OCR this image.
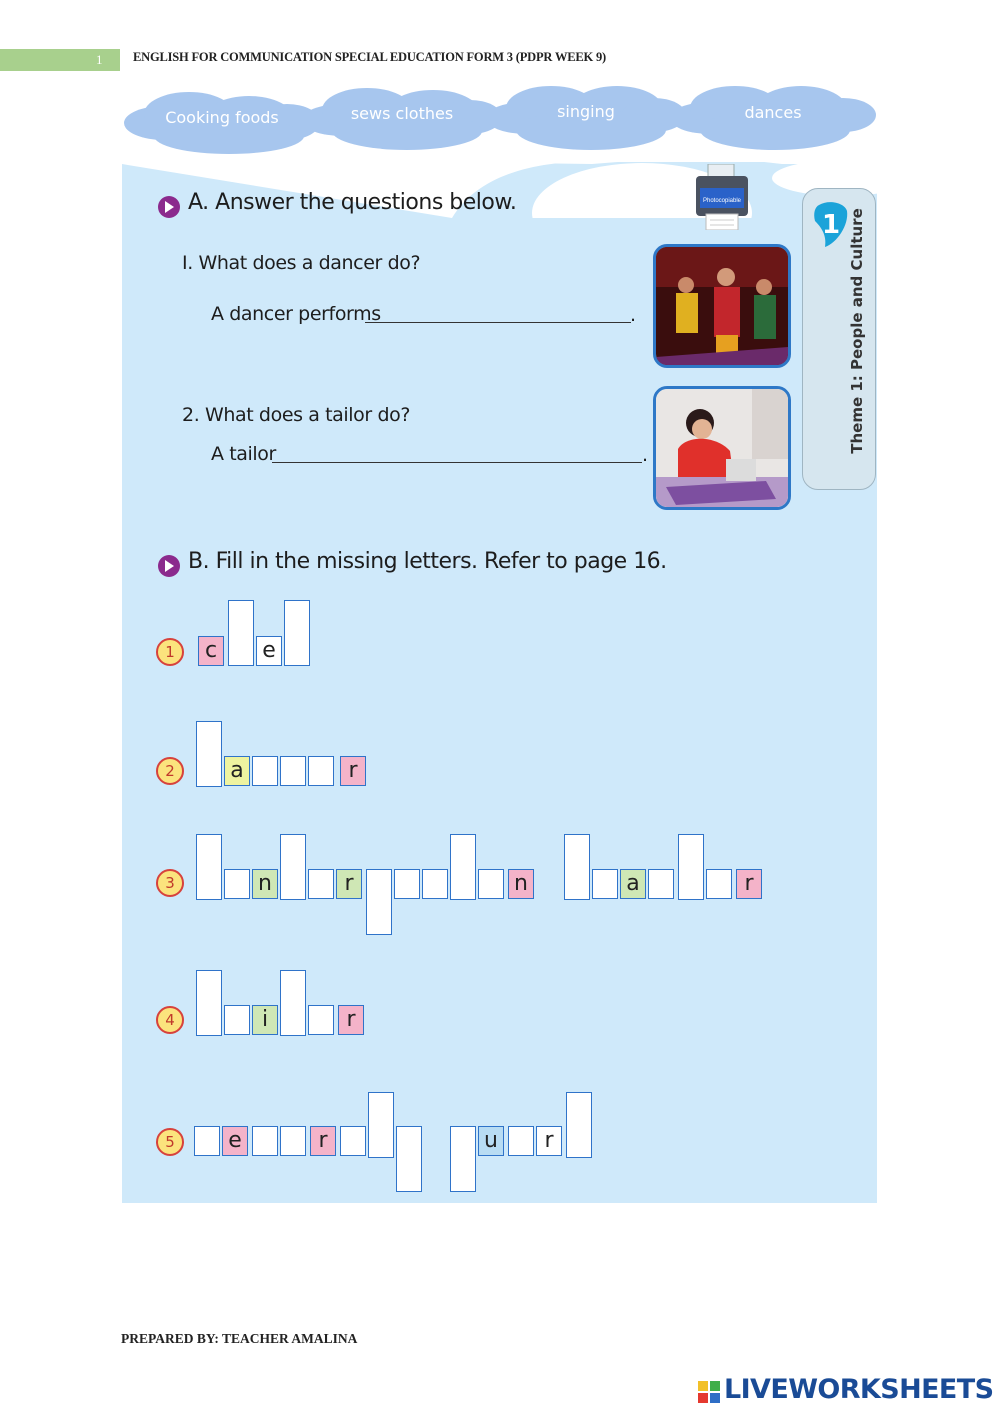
1 ENGLISH FOR COMMUNICATION SPECIAL EDUCATION FORM 3 (PDPR WEEK 9)
Cooking foods	sews clothes	singing	dances
Photocopiable
1 Theme 1: People and Culture
A. Answer the questions below.
I. What does a dancer do?
A dancer performs	.
2. What does a tailor do?
A tailor	.
B. Fill in the missing letters. Refer to page 16.
1	c	e
2	a	r
3	n	r	n	a	r
4	i	r
5	e	r	u	r
PREPARED BY: TEACHER AMALINA
LIVEWORKSHEETS
